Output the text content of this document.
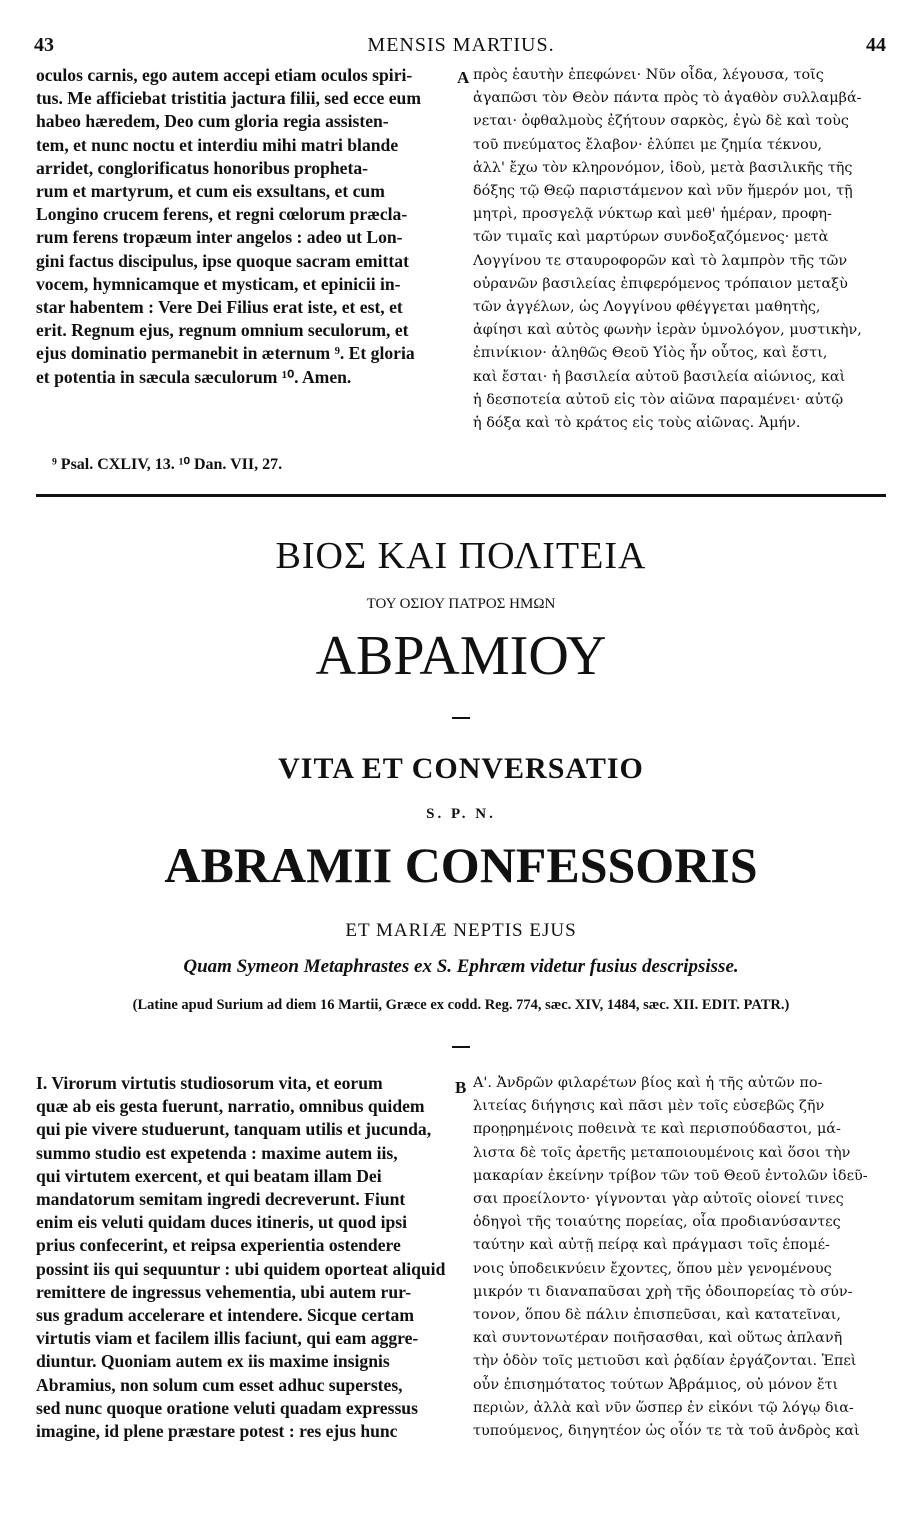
43	MENSIS MARTIUS.	44

oculos carnis, ego autem accepi etiam oculos spiri-

tus. Me afficiebat tristitia jactura filii, sed ecce eum

habeo hæredem, Deo cum gloria regia assisten-

tem, et nunc noctu et interdiu mihi matri blande

arridet, conglorificatus honoribus propheta-

rum et martyrum, et cum eis exsultans, et cum

Longino crucem ferens, et regni cœlorum præcla-

rum ferens tropæum inter angelos : adeo ut Lon-

gini factus discipulus, ipse quoque sacram emittat

vocem, hymnicamque et mysticam, et epinicii in-

star habentem : Vere Dei Filius erat iste, et est, et

erit. Regnum ejus, regnum omnium seculorum, et

ejus dominatio permanebit in æternum ⁹. Et gloria

et potentia in sæcula sæculorum ¹⁰. Amen.

A πρὸς ἑαυτὴν ἐπεφώνει· Νῦν οἶδα, λέγουσα, τοῖς

ἀγαπῶσι τὸν Θεὸν πάντα πρὸς τὸ ἀγαθὸν συλλαμβά-

νεται· ὀφθαλμοὺς ἐζήτουν σαρκὸς, ἐγὼ δὲ καὶ τοὺς

τοῦ πνεύματος ἔλαβον· ἐλύπει με ζημία τέκνου,

ἀλλ' ἔχω τὸν κληρονόμον, ἰδοὺ, μετὰ βασιλικῆς τῆς

δόξης τῷ Θεῷ παριστάμενον καὶ νῦν ἥμερόν μοι, τῇ

μητρὶ, προσγελᾷ νύκτωρ καὶ μεθ' ἡμέραν, προφη-

τῶν τιμαῖς καὶ μαρτύρων συνδοξαζόμενος· μετὰ

Λογγίνου τε σταυροφορῶν καὶ τὸ λαμπρὸν τῆς τῶν

οὐρανῶν βασιλείας ἐπιφερόμενος τρόπαιον μεταξὺ

τῶν ἀγγέλων, ὡς Λογγίνου φθέγγεται μαθητὴς,

ἀφίησι καὶ αὐτὸς φωνὴν ἱερὰν ὑμνολόγον, μυστικὴν,

ἐπινίκιον· ἀληθῶς Θεοῦ Υἱὸς ἦν οὗτος, καὶ ἔστι,

καὶ ἔσται· ἡ βασιλεία αὐτοῦ βασιλεία αἰώνιος, καὶ

ἡ δεσποτεία αὐτοῦ εἰς τὸν αἰῶνα παραμένει· αὐτῷ

ἡ δόξα καὶ τὸ κράτος εἰς τοὺς αἰῶνας. Ἀμήν.

⁹ Psal. CXLIV, 13. ¹⁰ Dan. VII, 27.
ΒΙΟΣ ΚΑΙ ΠΟΛΙΤΕΙΑ
ΤΟΥ ΟΣΙΟΥ ΠΑΤΡΟΣ ΗΜΩΝ
ΑΒΡΑΜΙΟΥ
VITA ET CONVERSATIO
S. P. N.
ABRAMII CONFESSORIS
ET MARIÆ NEPTIS EJUS
Quam Symeon Metaphrastes ex S. Ephræm videtur fusius descripsisse.
(Latine apud Surium ad diem 16 Martii, Græce ex codd. Reg. 774, sæc. XIV, 1484, sæc. XII. EDIT. PATR.)

I. Virorum virtutis studiosorum vita, et eorum

quæ ab eis gesta fuerunt, narratio, omnibus quidem

qui pie vivere studuerunt, tanquam utilis et jucunda,

summo studio est expetenda : maxime autem iis,

qui virtutem exercent, et qui beatam illam Dei

mandatorum semitam ingredi decreverunt. Fiunt

enim eis veluti quidam duces itineris, ut quod ipsi

prius confecerint, et reipsa experientia ostendere

possint iis qui sequuntur : ubi quidem oporteat aliquid

remittere de ingressus vehementia, ubi autem rur-

sus gradum accelerare et intendere. Sicque certam

virtutis viam et facilem illis faciunt, qui eam aggre-

diuntur. Quoniam autem ex iis maxime insignis

Abramius, non solum cum esset adhuc superstes,

sed nunc quoque oratione veluti quadam expressus

imagine, id plene præstare potest : res ejus hunc

B Α'. Ἀνδρῶν φιλαρέτων βίος καὶ ἡ τῆς αὐτῶν πο-

λιτείας διήγησις καὶ πᾶσι μὲν τοῖς εὐσεβῶς ζῆν

προῃρημένοις ποθεινὰ τε καὶ περισπούδαστοι, μά-

λιστα δὲ τοῖς ἀρετῆς μεταποιουμένοις καὶ ὅσοι τὴν

μακαρίαν ἐκείνην τρίβον τῶν τοῦ Θεοῦ ἐντολῶν ἰδεῦ-

σαι προείλοντο· γίγνονται γὰρ αὐτοῖς οἱονεί τινες

ὁδηγοὶ τῆς τοιαύτης πορείας, οἷα προδιανύσαντες

ταύτην καὶ αὐτῇ πείρᾳ καὶ πράγμασι τοῖς ἑπομέ-

νοις ὑποδεικνύειν ἔχοντες, ὅπου μὲν γενομένους

μικρόν τι διαναπαῦσαι χρὴ τῆς ὁδοιπορείας τὸ σύν-

τονον, ὅπου δὲ πάλιν ἐπισπεῦσαι, καὶ κατατεῖναι,

καὶ συντονωτέραν ποιῆσασθαι, καὶ οὕτως ἀπλανῆ

τὴν ὁδὸν τοῖς μετιοῦσι καὶ ῥᾳδίαν ἐργάζονται. Ἐπεὶ

οὖν ἐπισημότατος τούτων Ἀβράμιος, οὐ μόνον ἔτι

περιὼν, ἀλλὰ καὶ νῦν ὥσπερ ἐν εἰκόνι τῷ λόγῳ δια-

τυπούμενος, διηγητέον ὡς οἷόν τε τὰ τοῦ ἀνδρὸς καὶ
